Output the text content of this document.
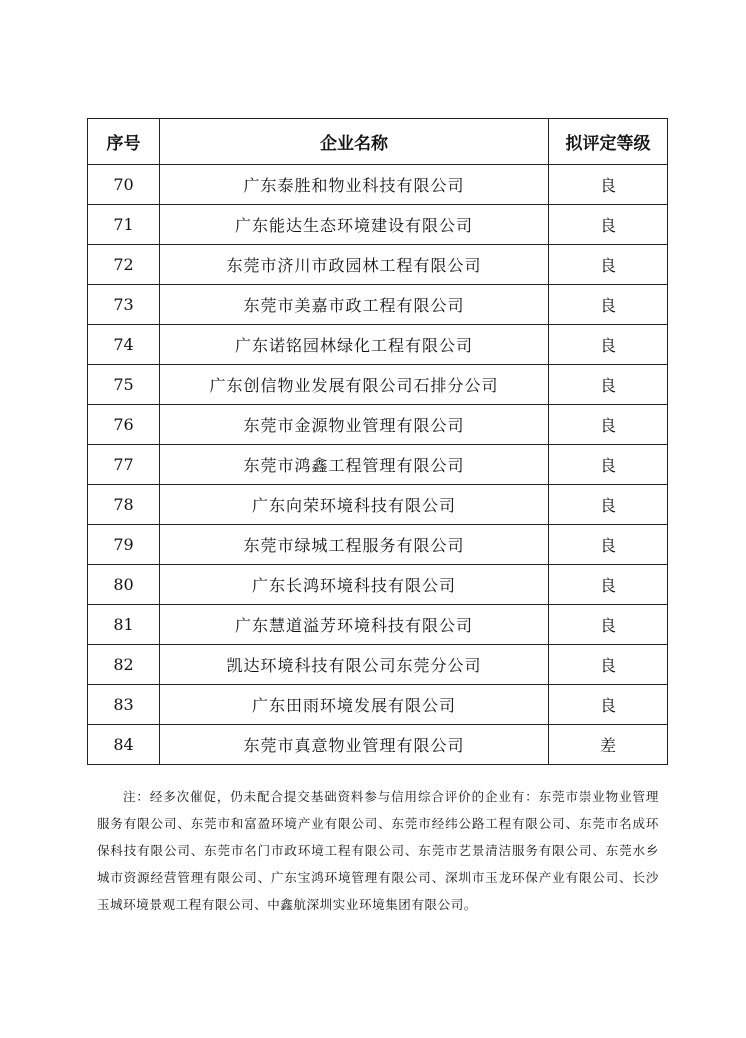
序号	企业名称	拟评定等级
70	广东泰胜和物业科技有限公司	良
71	广东能达生态环境建设有限公司	良
72	东莞市济川市政园林工程有限公司	良
73	东莞市美嘉市政工程有限公司	良
74	广东诺铭园林绿化工程有限公司	良
75	广东创信物业发展有限公司石排分公司	良
76	东莞市金源物业管理有限公司	良
77	东莞市鸿鑫工程管理有限公司	良
78	广东向荣环境科技有限公司	良
79	东莞市绿城工程服务有限公司	良
80	广东长鸿环境科技有限公司	良
81	广东慧道溢芳环境科技有限公司	良
82	凯达环境科技有限公司东莞分公司	良
83	广东田雨环境发展有限公司	良
84	东莞市真意物业管理有限公司	差

注：经多次催促，仍未配合提交基础资料参与信用综合评价的企业有：东莞市崇业物业管理服务有限公司、东莞市和富盈环境产业有限公司、东莞市经纬公路工程有限公司、东莞市名成环保科技有限公司、东莞市名门市政环境工程有限公司、东莞市艺景清洁服务有限公司、东莞水乡城市资源经营管理有限公司、广东宝鸿环境管理有限公司、深圳市玉龙环保产业有限公司、长沙玉城环境景观工程有限公司、中鑫航深圳实业环境集团有限公司。
